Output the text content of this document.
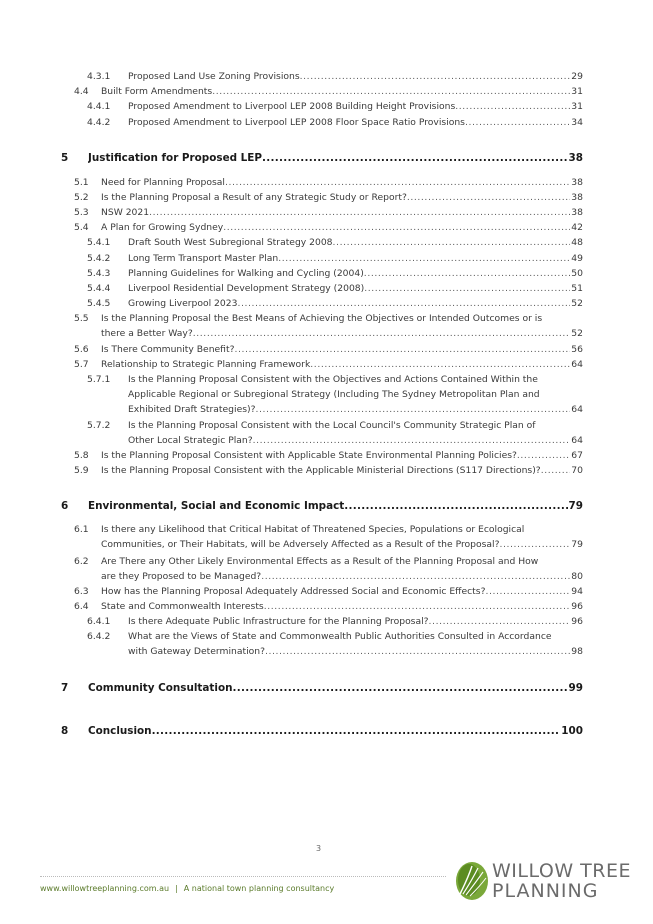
4.3.1 Proposed Land Use Zoning Provisions .....	29
4.4 Built Form Amendments .....	31
4.4.1 Proposed Amendment to Liverpool LEP 2008 Building Height Provisions .....	31
4.4.2 Proposed Amendment to Liverpool LEP 2008 Floor Space Ratio Provisions .....	34
5 Justification for Proposed LEP .....	38
5.1 Need for Planning Proposal .....	38
5.2 Is the Planning Proposal a Result of any Strategic Study or Report? .....	38
5.3 NSW 2021 .....	38
5.4 A Plan for Growing Sydney .....	42
5.4.1 Draft South West Subregional Strategy 2008 .....	48
5.4.2 Long Term Transport Master Plan .....	49
5.4.3 Planning Guidelines for Walking and Cycling (2004) .....	50
5.4.4 Liverpool Residential Development Strategy (2008) .....	51
5.4.5 Growing Liverpool 2023 .....	52
5.5 Is the Planning Proposal the Best Means of Achieving the Objectives or Intended Outcomes or is
there a Better Way? .....	52
5.6 Is There Community Benefit? .....	56
5.7 Relationship to Strategic Planning Framework .....	64
5.7.1 Is the Planning Proposal Consistent with the Objectives and Actions Contained Within the
Applicable Regional or Subregional Strategy (Including The Sydney Metropolitan Plan and
Exhibited Draft Strategies)? .....	64
5.7.2 Is the Planning Proposal Consistent with the Local Council's Community Strategic Plan of
Other Local Strategic Plan? .....	64
5.8 Is the Planning Proposal Consistent with Applicable State Environmental Planning Policies? .....	67
5.9 Is the Planning Proposal Consistent with the Applicable Ministerial Directions (S117 Directions)? .....	70
6 Environmental, Social and Economic Impact .....	79
6.1 Is there any Likelihood that Critical Habitat of Threatened Species, Populations or Ecological
Communities, or Their Habitats, will be Adversely Affected as a Result of the Proposal? .....	79
6.2 Are There any Other Likely Environmental Effects as a Result of the Planning Proposal and How
are they Proposed to be Managed? .....	80
6.3 How has the Planning Proposal Adequately Addressed Social and Economic Effects? .....	94
6.4 State and Commonwealth Interests .....	96
6.4.1 Is there Adequate Public Infrastructure for the Planning Proposal? .....	96
6.4.2 What are the Views of State and Commonwealth Public Authorities Consulted in Accordance
with Gateway Determination? .....	98
7 Community Consultation .....	99
8 Conclusion .....	100
3
www.willowtreeplanning.com.au | A national town planning consultancy
WILLOW TREE
PLANNING
